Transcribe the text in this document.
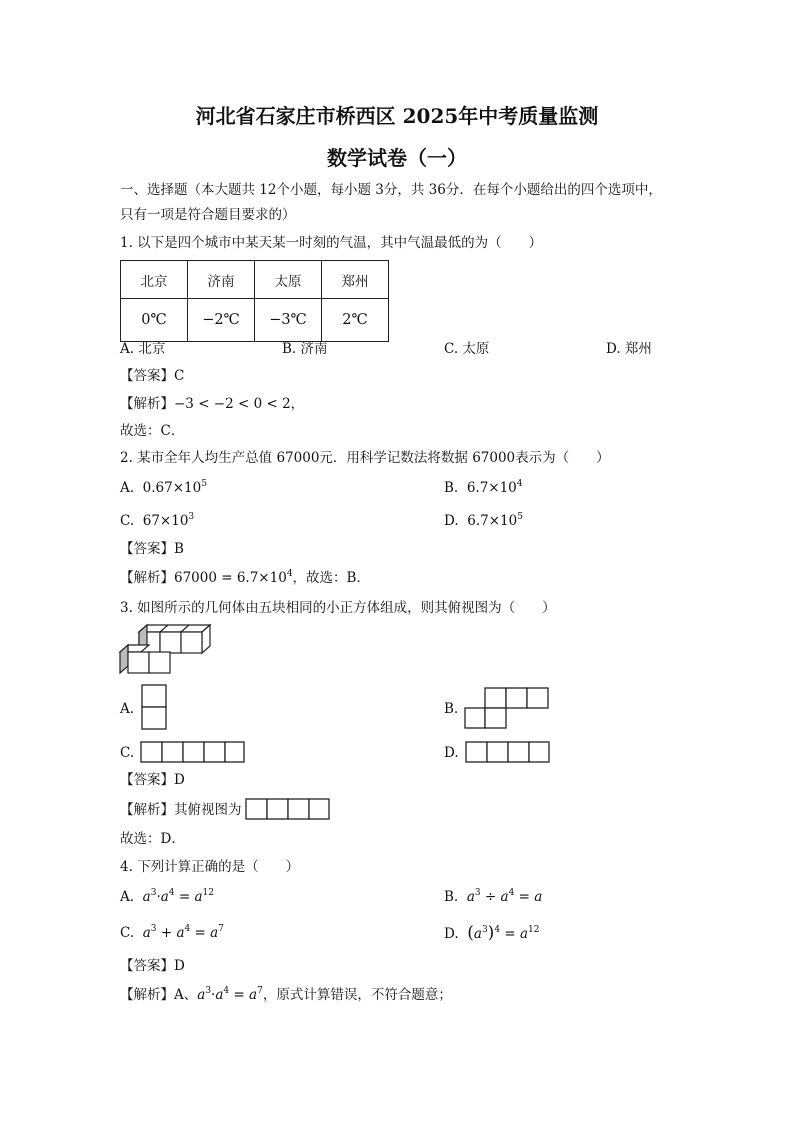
河北省石家庄市桥西区 2025年中考质量监测
数学试卷（一）
一、选择题（本大题共 12个小题，每小题 3分，共 36分．在每个小题给出的四个选项中，
只有一项是符合题目要求的）
1. 以下是四个城市中某天某一时刻的气温，其中气温最低的为（　　）
北京	济南	太原	郑州
0℃	−2℃	−3℃	2℃
A. 北京	B. 济南	C. 太原	D. 郑州
【答案】C
【解析】−3 < −2 < 0 < 2，
故选：C．
2. 某市全年人均生产总值 67000元．用科学记数法将数据 67000表示为（　　）
A. $0.67\times 10^5$	B. $6.7\times 10^4$
C. $67\times 10^3$	D. $6.7\times 10^5$
【答案】B
【解析】$67000 = 6.7\times 10^4$，故选：B．
3. 如图所示的几何体由五块相同的小正方体组成，则其俯视图为（　　）
A.	B.
C.	D.
【答案】D
【解析】其俯视图为
故选：D．
4. 下列计算正确的是（　　）
A. $a^3\cdot a^4 = a^{12}$	B. $a^3 \div a^4 = a$
C. $a^3 + a^4 = a^7$	D. $(a^3)^4 = a^{12}$
【答案】D
【解析】A、$a^3\cdot a^4 = a^7$，原式计算错误，不符合题意；
